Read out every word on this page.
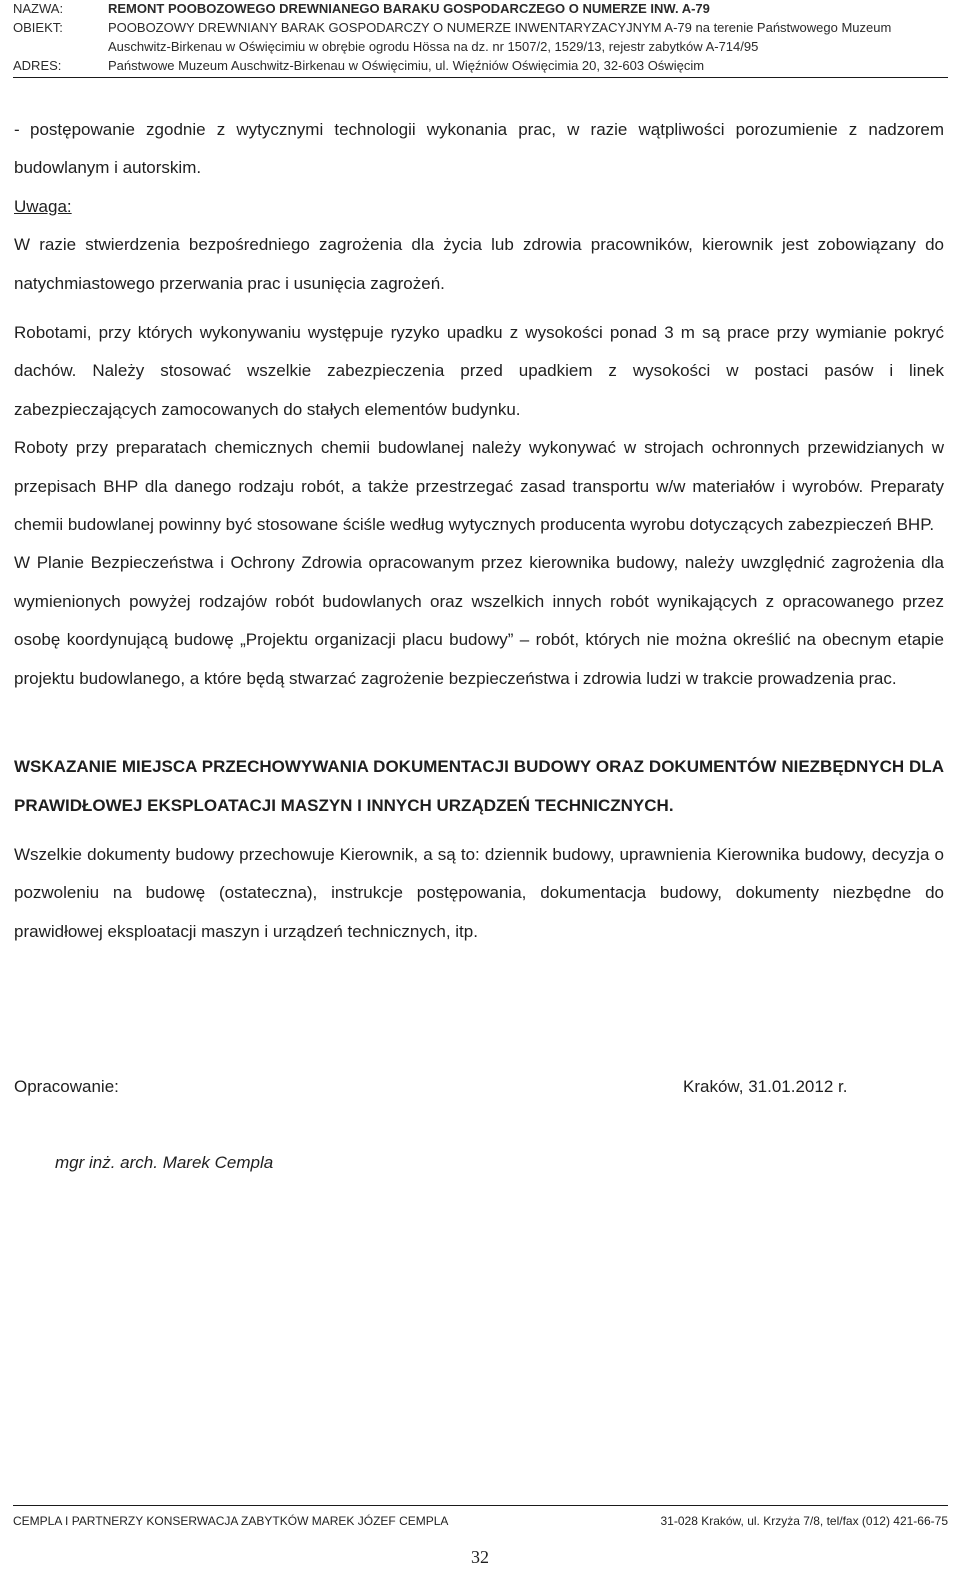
NAZWA:	REMONT POOBOZOWEGO DREWNIANEGO BARAKU GOSPODARCZEGO O NUMERZE INW. A-79
OBIEKT:	POOBOZOWY DREWNIANY BARAK GOSPODARCZY O NUMERZE INWENTARYZACYJNYM A-79 na terenie Państwowego Muzeum
Auschwitz-Birkenau w Oświęcimiu w obrębie ogrodu Hössa na dz. nr 1507/2, 1529/13, rejestr zabytków A-714/95
ADRES:	Państwowe Muzeum Auschwitz-Birkenau w Oświęcimiu, ul. Więźniów Oświęcimia 20, 32-603 Oświęcim

- postępowanie zgodnie z wytycznymi technologii wykonania prac, w razie wątpliwości porozumienie z nadzorem budowlanym i autorskim.

Uwaga:

W razie stwierdzenia bezpośredniego zagrożenia dla życia lub zdrowia pracowników, kierownik jest zobowiązany do natychmiastowego przerwania prac i usunięcia zagrożeń.

Robotami, przy których wykonywaniu występuje ryzyko upadku z wysokości ponad 3 m są prace przy wymianie pokryć dachów. Należy stosować wszelkie zabezpieczenia przed upadkiem z wysokości w postaci pasów i linek zabezpieczających zamocowanych do stałych elementów budynku.

Roboty przy preparatach chemicznych chemii budowlanej należy wykonywać w strojach ochronnych przewidzianych w przepisach BHP dla danego rodzaju robót, a także przestrzegać zasad transportu w/w materiałów i wyrobów. Preparaty chemii budowlanej powinny być stosowane ściśle według wytycznych producenta wyrobu dotyczących zabezpieczeń BHP.

W Planie Bezpieczeństwa i Ochrony Zdrowia opracowanym przez kierownika budowy, należy uwzględnić zagrożenia dla wymienionych powyżej rodzajów robót budowlanych oraz wszelkich innych robót wynikających z opracowanego przez osobę koordynującą budowę „Projektu organizacji placu budowy” – robót, których nie można określić na obecnym etapie projektu budowlanego, a które będą stwarzać zagrożenie bezpieczeństwa i zdrowia ludzi w trakcie prowadzenia prac.

WSKAZANIE MIEJSCA PRZECHOWYWANIA DOKUMENTACJI BUDOWY ORAZ DOKUMENTÓW NIEZBĘDNYCH DLA PRAWIDŁOWEJ EKSPLOATACJI MASZYN I INNYCH URZĄDZEŃ TECHNICZNYCH.

Wszelkie dokumenty budowy przechowuje Kierownik, a są to: dziennik budowy, uprawnienia Kierownika budowy, decyzja o pozwoleniu na budowę (ostateczna), instrukcje postępowania, dokumentacja budowy, dokumenty niezbędne do prawidłowej eksploatacji maszyn i urządzeń technicznych, itp.

Opracowanie:	Kraków, 31.01.2012 r.
mgr inż. arch. Marek Cempla
CEMPLA I PARTNERZY KONSERWACJA ZABYTKÓW MAREK JÓZEF CEMPLA	31-028 Kraków, ul. Krzyża 7/8, tel/fax (012) 421-66-75
32
